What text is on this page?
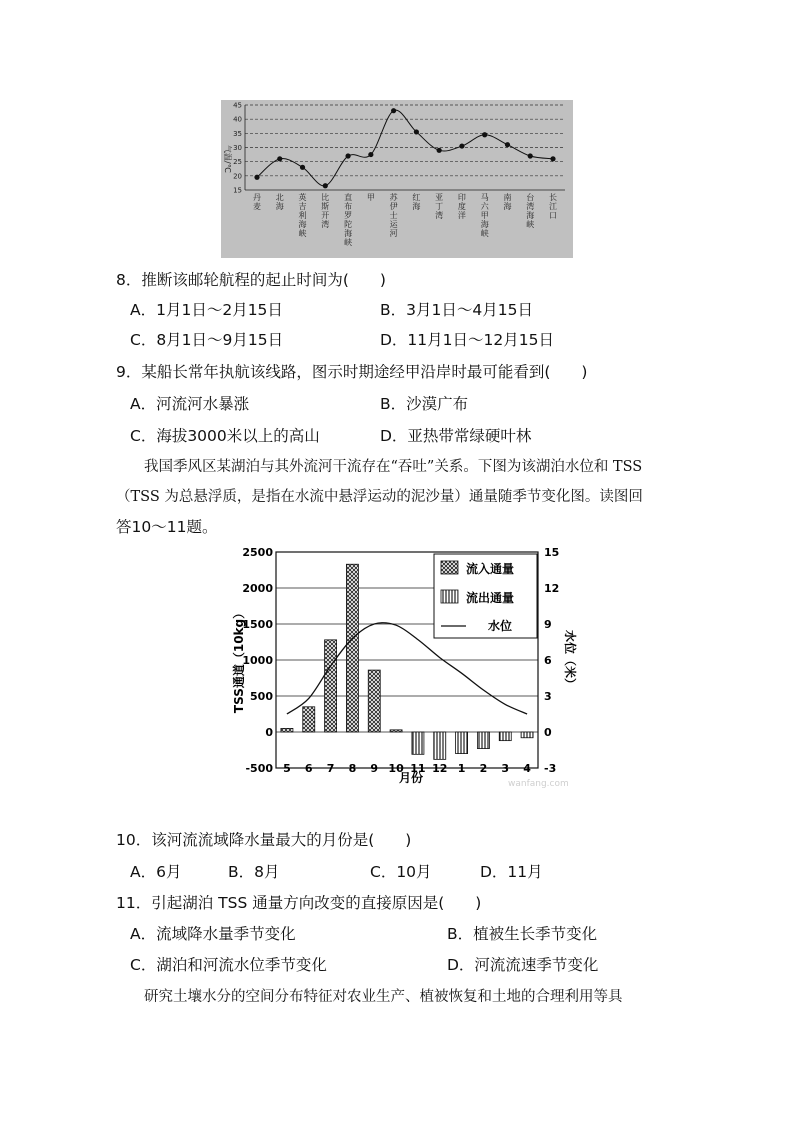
丹麦
北海
英吉利海峡
比斯开湾
直布罗陀海峡
甲 苏伊士运河
红海
亚丁湾
印度洋
马六甲海峡
南海
台湾海峡
长江口
15
20
25
30
35
40
45
气温/℃
8．推断该邮轮航程的起止时间为(　　)
A．1月1日～2月15日	B．3月1日～4月15日
C．8月1日～9月15日	D．11月1日～12月15日
9．某船长常年执航该线路，图示时期途经甲沿岸时最可能看到(　　)
A．河流河水暴涨	B．沙漠广布
C．海拔3000米以上的高山	D．亚热带常绿硬叶林
我国季风区某湖泊与其外流河干流存在“吞吐”关系。下图为该湖泊水位和 TSS
（TSS 为总悬浮质，是指在水流中悬浮运动的泥沙量）通量随季节变化图。读图回
答10～11题。
2500
2000
1500
1000
500
0
-500
15
12
9
6
3
0
-3
5 6 7 8 9 10 11 12 1 2 3 4
月份
TSS通道（10kg）	水位（米）
流入通量
流出通量
水位
wanfang.com
10．该河流流域降水量最大的月份是(　　)
A．6月	B．8月	C．10月	D．11月
11．引起湖泊 TSS 通量方向改变的直接原因是(　　)
A．流域降水量季节变化	B．植被生长季节变化
C．湖泊和河流水位季节变化	D．河流流速季节变化
研究土壤水分的空间分布特征对农业生产、植被恢复和土地的合理利用等具
